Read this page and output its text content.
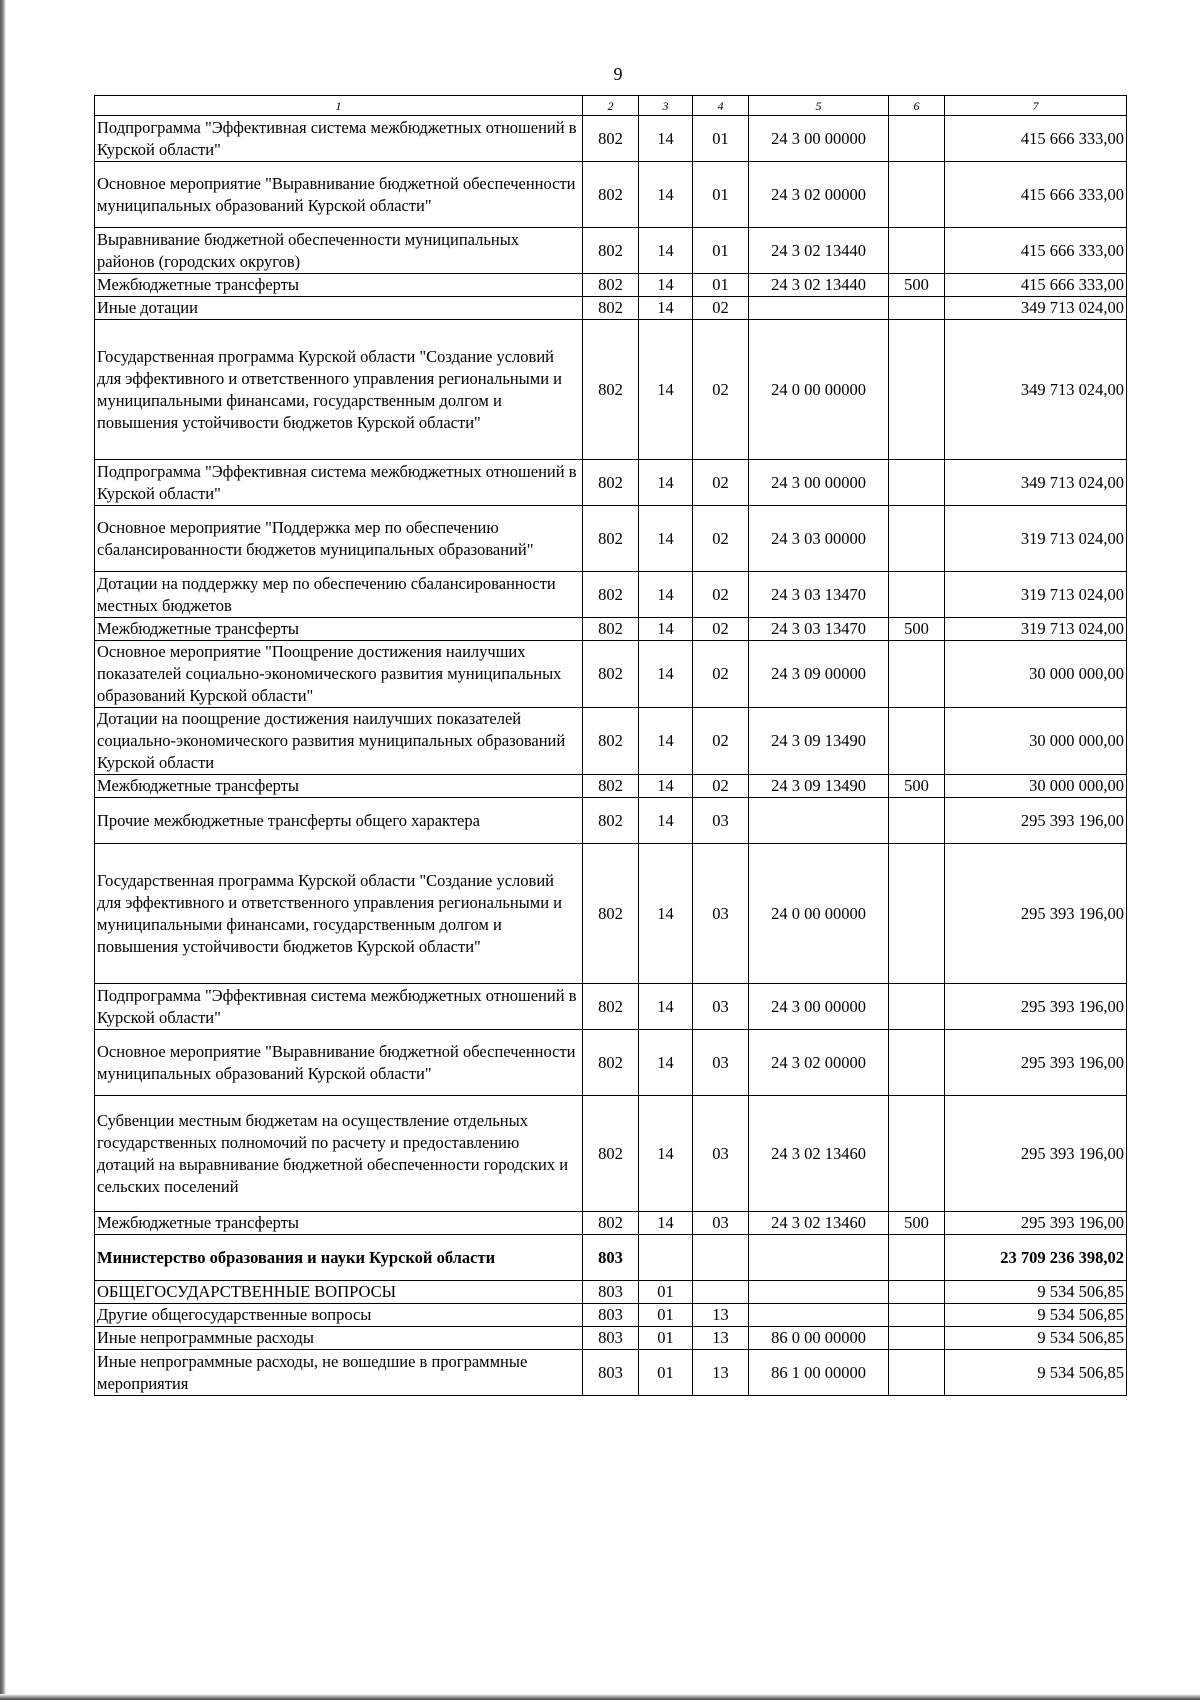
9
1	2	3	4	5	6	7
Подпрограмма "Эффективная система межбюджетных отношений в Курской области"	802	14	01	24 3 00 00000		415 666 333,00
Основное мероприятие "Выравнивание бюджетной обеспеченности муниципальных образований Курской области"	802	14	01	24 3 02 00000		415 666 333,00
Выравнивание бюджетной обеспеченности муниципальных районов (городских округов)	802	14	01	24 3 02 13440		415 666 333,00
Межбюджетные трансферты	802	14	01	24 3 02 13440	500	415 666 333,00
Иные дотации	802	14	02			349 713 024,00
Государственная программа Курской области "Создание условий для эффективного и ответственного управления региональными и муниципальными финансами, государственным долгом и повышения устойчивости бюджетов Курской области"	802	14	02	24 0 00 00000		349 713 024,00
Подпрограмма "Эффективная система межбюджетных отношений в Курской области"	802	14	02	24 3 00 00000		349 713 024,00
Основное мероприятие "Поддержка мер по обеспечению сбалансированности бюджетов муниципальных образований"	802	14	02	24 3 03 00000		319 713 024,00
Дотации на поддержку мер по обеспечению сбалансированности местных бюджетов	802	14	02	24 3 03 13470		319 713 024,00
Межбюджетные трансферты	802	14	02	24 3 03 13470	500	319 713 024,00
Основное мероприятие "Поощрение достижения наилучших показателей социально-экономического развития муниципальных образований Курской области"	802	14	02	24 3 09 00000		30 000 000,00
Дотации на поощрение достижения наилучших показателей социально-экономического развития муниципальных образований Курской области	802	14	02	24 3 09 13490		30 000 000,00
Межбюджетные трансферты	802	14	02	24 3 09 13490	500	30 000 000,00
Прочие межбюджетные трансферты общего характера	802	14	03			295 393 196,00
Государственная программа Курской области "Создание условий для эффективного и ответственного управления региональными и муниципальными финансами, государственным долгом и повышения устойчивости бюджетов Курской области"	802	14	03	24 0 00 00000		295 393 196,00
Подпрограмма "Эффективная система межбюджетных отношений в Курской области"	802	14	03	24 3 00 00000		295 393 196,00
Основное мероприятие "Выравнивание бюджетной обеспеченности муниципальных образований Курской области"	802	14	03	24 3 02 00000		295 393 196,00
Субвенции местным бюджетам на осуществление отдельных государственных полномочий по расчету и предоставлению дотаций на выравнивание бюджетной обеспеченности городских и сельских поселений	802	14	03	24 3 02 13460		295 393 196,00
Межбюджетные трансферты	802	14	03	24 3 02 13460	500	295 393 196,00
Министерство образования и науки Курской области	803					23 709 236 398,02
ОБЩЕГОСУДАРСТВЕННЫЕ ВОПРОСЫ	803	01				9 534 506,85
Другие общегосударственные вопросы	803	01	13			9 534 506,85
Иные непрограммные расходы	803	01	13	86 0 00 00000		9 534 506,85
Иные непрограммные расходы, не вошедшие в программные мероприятия	803	01	13	86 1 00 00000		9 534 506,85
